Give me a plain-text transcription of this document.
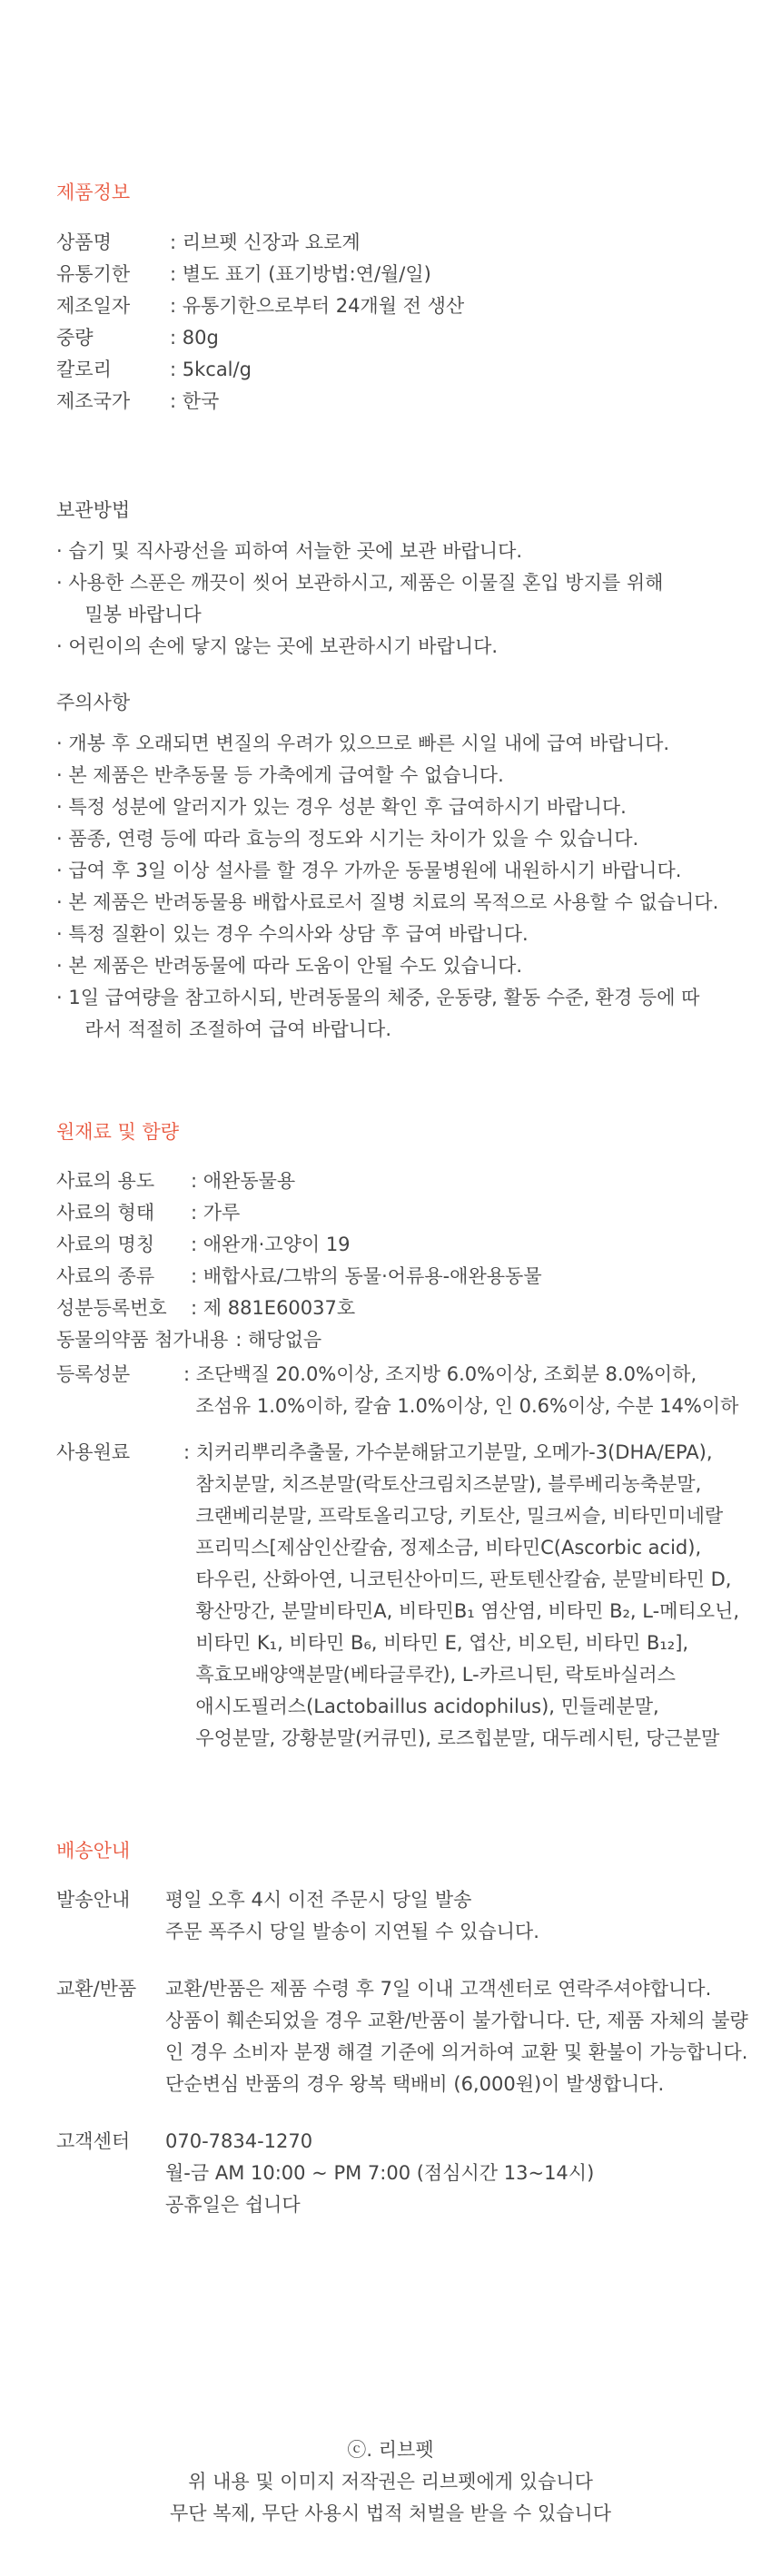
제품정보
상품명	: 리브펫 신장과 요로계
유통기한	: 별도 표기 (표기방법:연/월/일)
제조일자	: 유통기한으로부터 24개월 전 생산
중량	: 80g
칼로리	: 5kcal/g
제조국가	: 한국
보관방법
· 습기 및 직사광선을 피하여 서늘한 곳에 보관 바랍니다.
· 사용한 스푼은 깨끗이 씻어 보관하시고, 제품은 이물질 혼입 방지를 위해
밀봉 바랍니다
· 어린이의 손에 닿지 않는 곳에 보관하시기 바랍니다.
주의사항
· 개봉 후 오래되면 변질의 우려가 있으므로 빠른 시일 내에 급여 바랍니다.
· 본 제품은 반추동물 등 가축에게 급여할 수 없습니다.
· 특정 성분에 알러지가 있는 경우 성분 확인 후 급여하시기 바랍니다.
· 품종, 연령 등에 따라 효능의 정도와 시기는 차이가 있을 수 있습니다.
· 급여 후 3일 이상 설사를 할 경우 가까운 동물병원에 내원하시기 바랍니다.
· 본 제품은 반려동물용 배합사료로서 질병 치료의 목적으로 사용할 수 없습니다.
· 특정 질환이 있는 경우 수의사와 상담 후 급여 바랍니다.
· 본 제품은 반려동물에 따라 도움이 안될 수도 있습니다.
· 1일 급여량을 참고하시되, 반려동물의 체중, 운동량, 활동 수준, 환경 등에 따
라서 적절히 조절하여 급여 바랍니다.
원재료 및 함량
사료의 용도	: 애완동물용
사료의 형태	: 가루
사료의 명칭	: 애완개·고양이 19
사료의 종류	: 배합사료/그밖의 동물·어류용-애완용동물
성분등록번호	: 제 881E60037호
동물의약품 첨가내용 : 해당없음
등록성분	: 조단백질 20.0%이상, 조지방 6.0%이상, 조회분 8.0%이하,
조섬유 1.0%이하, 칼슘 1.0%이상, 인 0.6%이상, 수분 14%이하
사용원료	: 치커리뿌리추출물, 가수분해닭고기분말, 오메가-3(DHA/EPA),
참치분말, 치즈분말(락토산크림치즈분말), 블루베리농축분말,
크랜베리분말, 프락토올리고당, 키토산, 밀크씨슬, 비타민미네랄
프리믹스[제삼인산칼슘, 정제소금, 비타민C(Ascorbic acid),
타우린, 산화아연, 니코틴산아미드, 판토텐산칼슘, 분말비타민 D,
황산망간, 분말비타민A, 비타민B₁ 염산염, 비타민 B₂, L-메티오닌,
비타민 K₁, 비타민 B₆, 비타민 E, 엽산, 비오틴, 비타민 B₁₂],
흑효모배양액분말(베타글루칸), L-카르니틴, 락토바실러스
애시도필러스(Lactobaillus acidophilus), 민들레분말,
우엉분말, 강황분말(커큐민), 로즈힙분말, 대두레시틴, 당근분말
배송안내
발송안내	평일 오후 4시 이전 주문시 당일 발송
주문 폭주시 당일 발송이 지연될 수 있습니다.
교환/반품	교환/반품은 제품 수령 후 7일 이내 고객센터로 연락주셔야합니다.
상품이 훼손되었을 경우 교환/반품이 불가합니다. 단, 제품 자체의 불량
인 경우 소비자 분쟁 해결 기준에 의거하여 교환 및 환불이 가능합니다.
단순변심 반품의 경우 왕복 택배비 (6,000원)이 발생합니다.
고객센터	070-7834-1270
월-금 AM 10:00 ~ PM 7:00 (점심시간 13~14시)
공휴일은 쉽니다
ⓒ. 리브펫
위 내용 및 이미지 저작권은 리브펫에게 있습니다
무단 복제, 무단 사용시 법적 처벌을 받을 수 있습니다
